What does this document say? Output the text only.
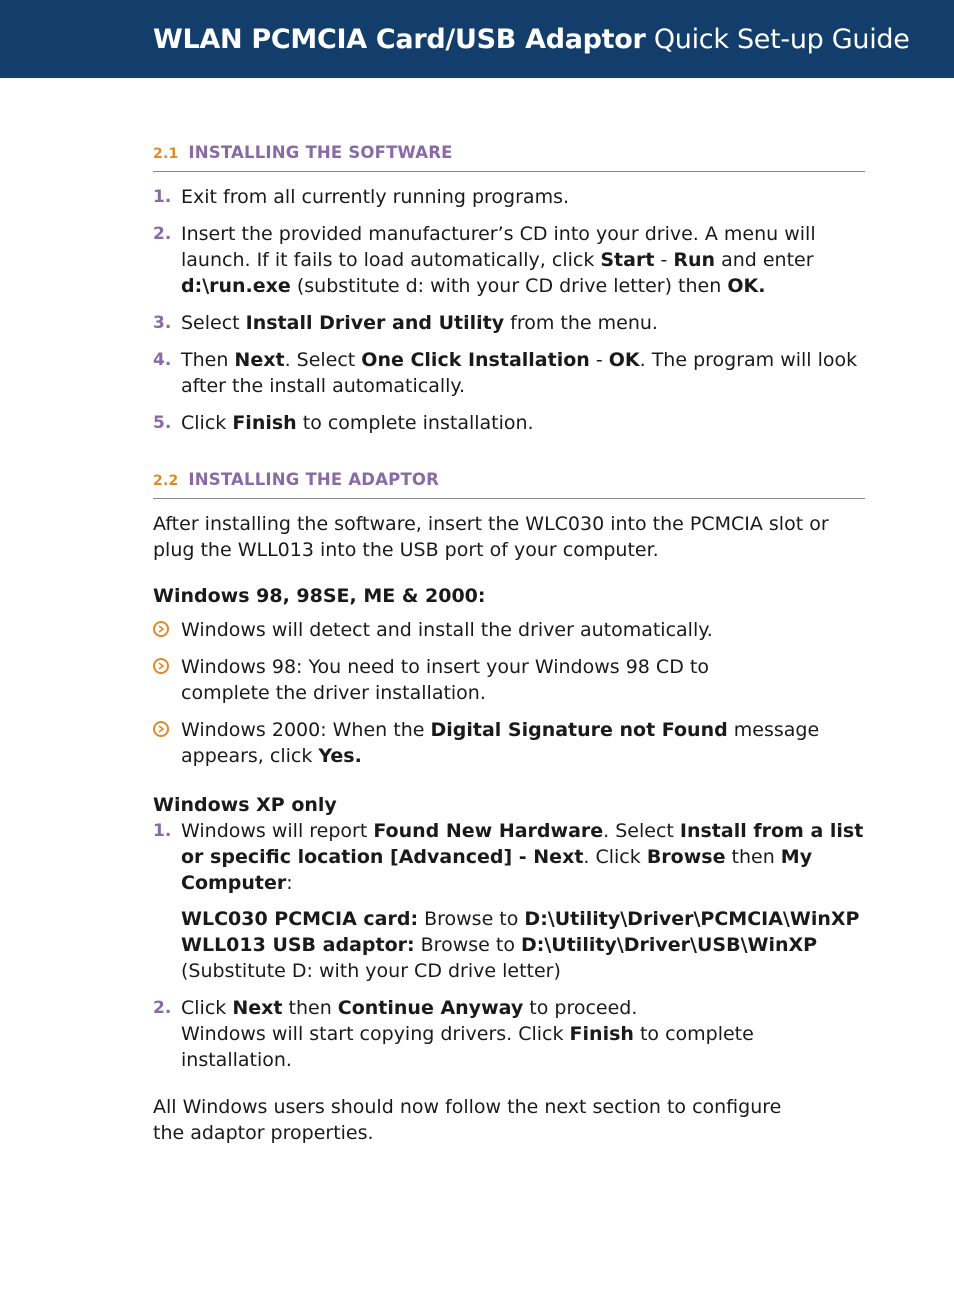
WLAN PCMCIA Card/USB Adaptor Quick Set-up Guide
2.1 INSTALLING THE SOFTWARE
1. Exit from all currently running programs.
2. Insert the provided manufacturer’s CD into your drive. A menu will launch. If it fails to load automatically, click Start - Run and enter d:\run.exe (substitute d: with your CD drive letter) then OK.
3. Select Install Driver and Utility from the menu.
4. Then Next. Select One Click Installation - OK. The program will look after the install automatically.
5. Click Finish to complete installation.
2.2 INSTALLING THE ADAPTOR

After installing the software, insert the WLC030 into the PCMCIA slot or plug the WLL013 into the USB port of your computer.

Windows 98, 98SE, ME & 2000:
Windows will detect and install the driver automatically.
Windows 98: You need to insert your Windows 98 CD to complete the driver installation.
Windows 2000: When the Digital Signature not Found message appears, click Yes.
Windows XP only
1. Windows will report Found New Hardware. Select Install from a list or specific location [Advanced] - Next. Click Browse then My Computer:
WLC030 PCMCIA card: Browse to D:\Utility\Driver\PCMCIA\WinXP
WLL013 USB adaptor: Browse to D:\Utility\Driver\USB\WinXP
(Substitute D: with your CD drive letter)
2. Click Next then Continue Anyway to proceed.
Windows will start copying drivers. Click Finish to complete installation.

All Windows users should now follow the next section to configure the adaptor properties.
